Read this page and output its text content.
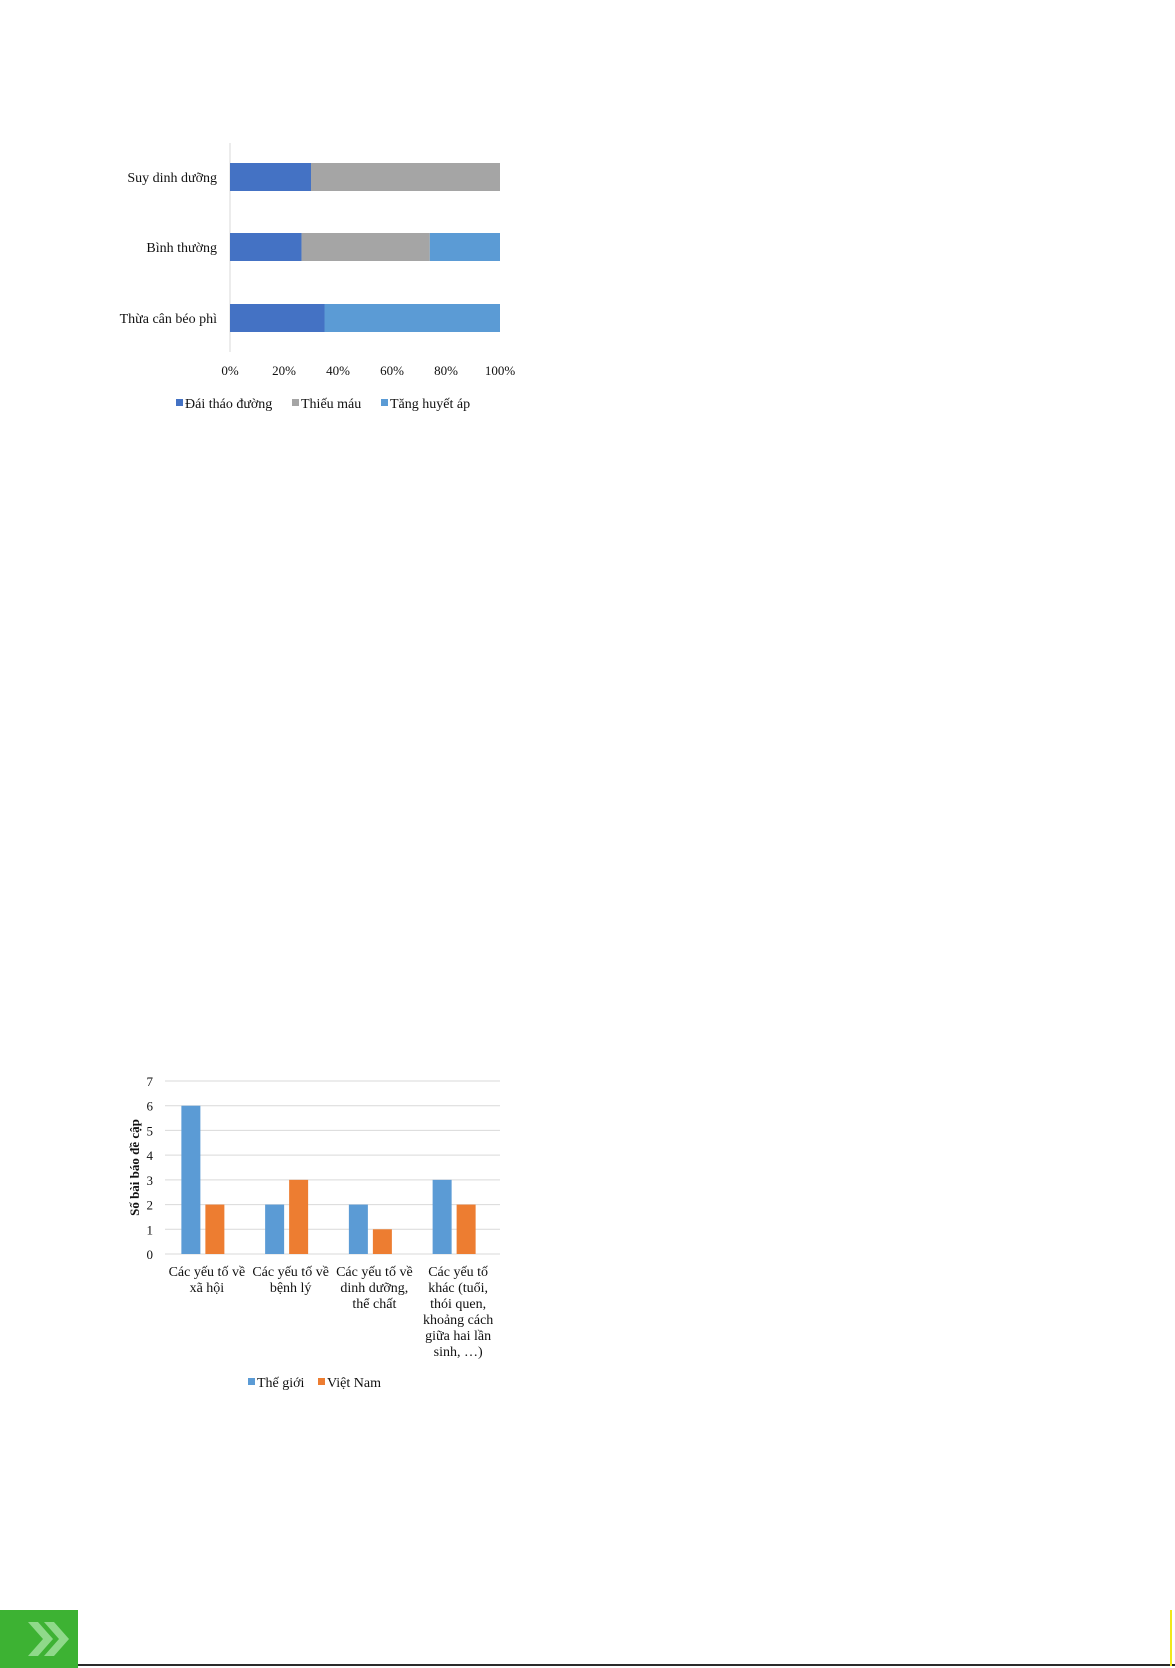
Suy dinh dưỡng
Bình thường
Thừa cân béo phì
0%	20% 40% 60% 80% 100%
Đái tháo đường Thiếu máu Tăng huyết áp
0
1
2
3
4
5
6
7
Số bài báo đề cập
Các yếu tố về
xã hội
Các yếu tố về
bệnh lý
Các yếu tố về
dinh dưỡng,
thể chất
Các yếu tố
khác (tuổi,
thói quen,
khoảng cách
giữa hai lần
sinh, …)
Thế giới Việt Nam
